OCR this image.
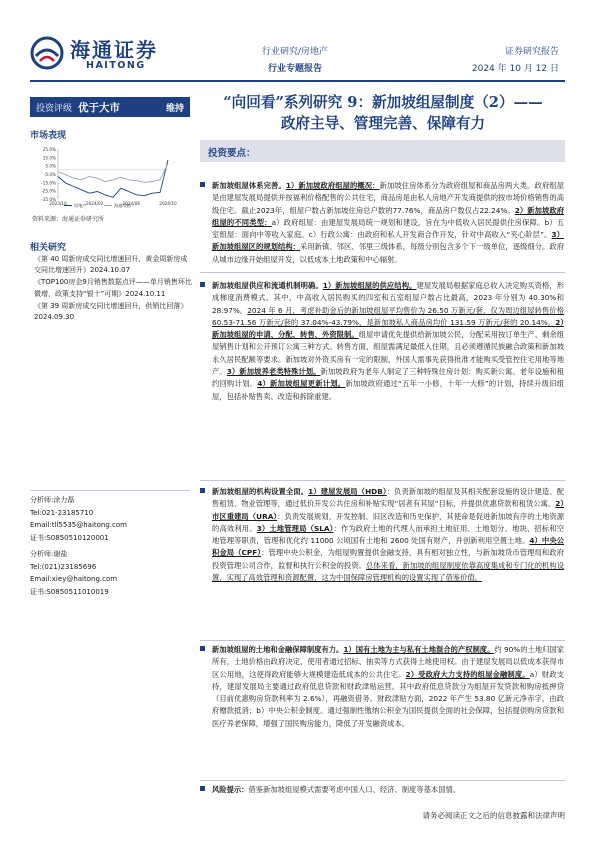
海通证券
HAITONG
行业研究/房地产
行业专题报告
证券研究报告
2024 年 10 月 12 日
投资评级 优于大市	维持
市场表现
25.0%
15.0%
5.0%
-5.0%
-15.0%
-25.0%
-35.0%
2023/10	2024/02	2024/06	2024/10
房地产	海通综指
资料来源：海通证券研究所
相关研究

《第 40 周新房成交同比增速回升，黄金周新房成交同比增速回升》2024.10.07

《TOP100房企9月销售数据点评——单月销售环比微增，政策支持“银十”可期》2024.10.11

《第 39 周新房成交同比增速回升，供销比回落》2024.09.30

分析师:涂力磊
Tel:021-23185710
Email:tll5535@haitong.com
证书:S0850510120001
分析师:谢盐
Tel:(021)23185696
Email:xiey@haitong.com
证书:S0850511010019
“向回看”系列研究 9：新加坡组屋制度（2）——
政府主导、管理完善、保障有力
投资要点：
新加坡组屋体系完善。1）新加坡政府组屋的概况：新加坡住房体系分为政府组屋和商品房两大类。政府组屋是由建屋发展局提供并按福利价格配售的公共住宅，商品房是由私人房地产开发商提供的按市场价格销售的高级住宅。截止2023年，组屋户数占新加坡住房总户数的77.76%，商品房户数仅占22.24%。2）新加坡政府组屋的不同类型：a）政府组屋：由建屋发展局统一规划和建设，旨在为中低收入居民提供住房保障。b）五室组屋：面向中等收入家庭。c）行政公寓：由政府和私人开发商合作开发，针对中高收入“夹心阶层”。3）新加坡组屋区的规划结构：采用新镇、邻区、邻里三级体系，每级分别包含多个下一级单位，逐级细分。政府从城市边缘开始组屋开发，以低成本土地政策和中心辐射。
新加坡组屋供应和流通机制明确。1）新加坡组屋的供应结构。建屋发展局根据家庭总收入决定购买资格，形成梯度消费模式。其中，中高收入居民购买的四室和五室组屋户数占比最高，2023 年分别为 40.30%和 28.97%。2024 年 6 月，考虑补助金后的新加坡组屋平均售价为 26.50 万新元/套，仅为周边组屋转售价格 60.53-71.56 万新元/套的 37.04%-43.79%，是新加坡私人商品房均价 131.59 万新元/套的 20.14%。2）新加坡组屋的申请、分配、转售、外资限制。组屋申请优先提供给新加坡公民，分配采用按订单生产、剩余组屋销售计划和公开预订公寓三种方式。转售方面，组屋需满足最低入住期，且必须遵循民族融合政策和新加坡永久居民配额等要求。新加坡对外资买房有一定的限制，外国人需事先获得批准才能购买受管控住宅用地等地产。3）新加坡养老类特殊计划。新加坡政府为老年人制定了三种特殊住房计划：购买新公寓、老年设施和租约回购计划。4）新加坡组屋更新计划。新加坡政府通过“五年一小修，十年一大修”的计划，持续升级旧组屋，包括补贴售卖、改造和拆除重建。
新加坡组屋的机构设置全面。1）建屋发展局（HDB）：负责新加坡的组屋及其相关配套设施的设计建造、配售租赁、物业管理等，通过低价开发公共住房和补贴实现“居者有其屋”目标，并提供优惠贷款和租赁公寓。2）市区重建局（URA）：负责发展规划、开发控制、旧区改造和历史保护，其使命是促进新加坡有序的土地资源的高效利用。3）土地管理局（SLA）：作为政府土地的代理人而承担土地征用、土地划分、地块、招标和空地管理等职责，管理和优化约 11000 公顷国有土地和 2600 处国有财产，并创新利用空置土地。4）中央公积金局（CPF）：管理中央公积金，为组屋购置提供金融支持，具有相对独立性，与新加坡货币管理局和政府投资管理公司合作，监督和执行公积金的投资。总体来看，新加坡的组屋制度依靠高度集成和专门化的机构设置，实现了高效管理和资源配置，这为中国保障房管理机构的设置实现了借鉴价值。
新加坡组屋的土地和金融保障制度有力。1）国有土地为主与私有土地混合的产权制度。约 90%的土地归国家所有，土地价格由政府决定，使用者通过招标、抽卖等方式获得土地使用权。由于建屋发展局以低成本获得市区公用地，这使得政府能够大规模建造低成本的公共住宅。2）受政府大力支持的组屋金融制度。a）财政支持，建屋发展局主要通过政府低息贷款和财政津贴运营。其中政府低息贷款分为组屋开发贷款和购房抵押贷（目前优惠购房贷款利率为 2.6%），再融资借务。财政津贴方面，2022 年产生 53.80 亿新元净赤字，由政府赠款抵消；b）中央公积金制度。通过强制性缴纳公积金为国民提供全面的社会保障，包括提供购房贷款和医疗养老保障，增强了国民购房能力，降低了开发融资成本。
风险提示：借鉴新加坡组屋模式需要考虑中国人口、经济、制度等基本国情。
请务必阅读正文之后的信息披露和法律声明
